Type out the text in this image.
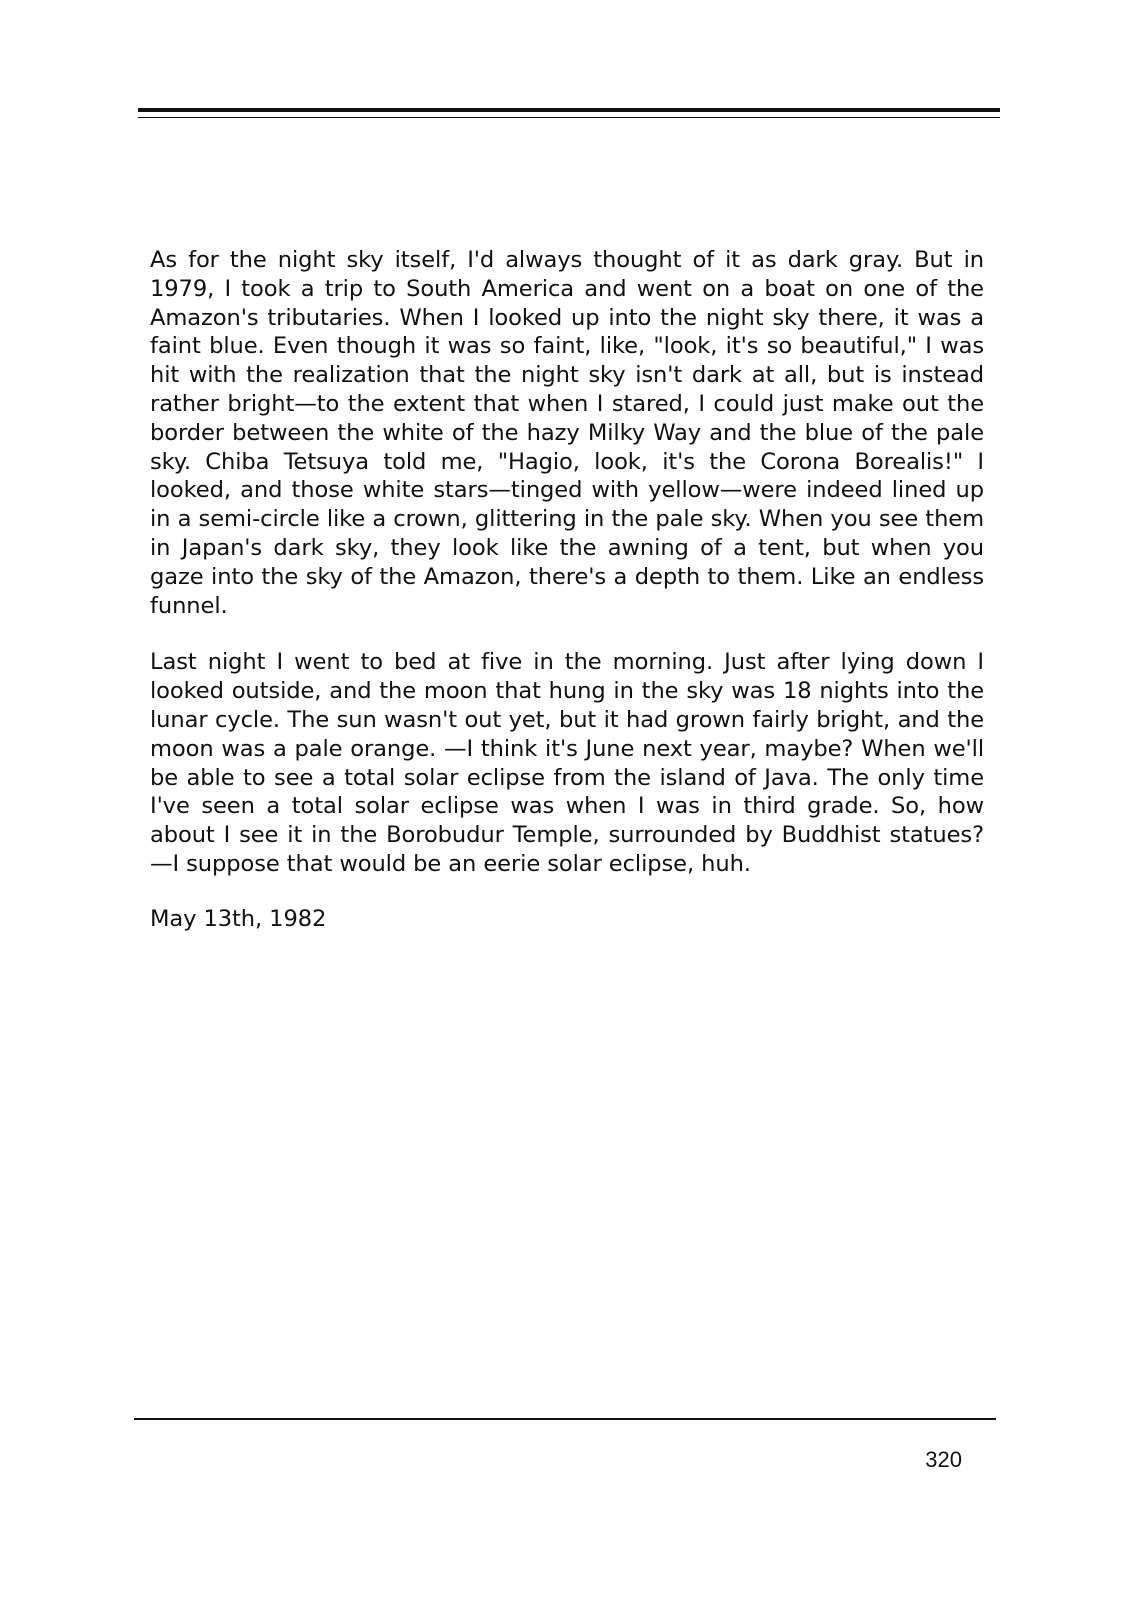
As for the night sky itself, I'd always thought of it as dark gray. But in 1979, I took a trip to South America and went on a boat on one of the Amazon's tributaries. When I looked up into the night sky there, it was a faint blue. Even though it was so faint, like, "look, it's so beautiful," I was hit with the realization that the night sky isn't dark at all, but is instead rather bright—to the extent that when I stared, I could just make out the border between the white of the hazy Milky Way and the blue of the pale sky. Chiba Tetsuya told me, "Hagio, look, it's the Corona Borealis!" I looked, and those white stars—tinged with yellow—were indeed lined up in a semi-circle like a crown, glittering in the pale sky. When you see them in Japan's dark sky, they look like the awning of a tent, but when you gaze into the sky of the Amazon, there's a depth to them. Like an endless funnel.

Last night I went to bed at five in the morning. Just after lying down I looked outside, and the moon that hung in the sky was 18 nights into the lunar cycle. The sun wasn't out yet, but it had grown fairly bright, and the moon was a pale orange. —I think it's June next year, maybe? When we'll be able to see a total solar eclipse from the island of Java. The only time I've seen a total solar eclipse was when I was in third grade. So, how about I see it in the Borobudur Temple, surrounded by Buddhist statues? —I suppose that would be an eerie solar eclipse, huh.

May 13th, 1982

320
